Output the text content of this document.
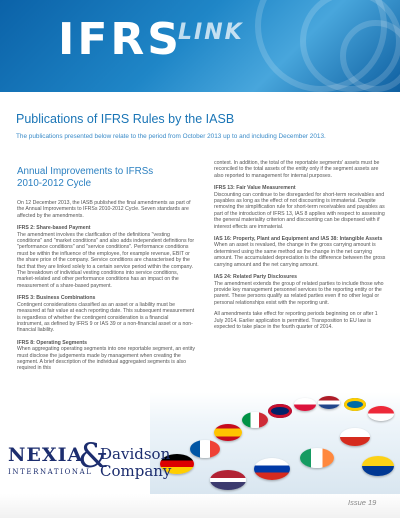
IFRS
LINK
Publications of IFRS Rules by the IASB
The publications presented below relate to the period from October 2013 up to and including December 2013.
Annual Improvements to IFRSs 2010-2012 Cycle

On 12 December 2013, the IASB published the final amendments as part of the Annual Improvements to IFRSs 2010-2012 Cycle. Seven standards are affected by the amendments.

IFRS 2: Share-based Payment

The amendment involves the clarification of the definitions "vesting conditions" and "market conditions" and also adds independent definitions for "performance conditions" and "service conditions". Performance conditions must be within the influence of the employee, for example revenue, EBIT or the share price of the company. Service conditions are characterised by the fact that they are linked solely to a certain service period within the company. The breakdown of individual vesting conditions into service conditions, market-related and other performance conditions has an impact on the measurement of a share-based payment.

IFRS 3: Business Combinations

Contingent considerations classified as an asset or a liability must be measured at fair value at each reporting date. This subsequent measurement is regardless of whether the contingent consideration is a financial instrument, as defined by IFRS 9 or IAS 39 or a non-financial asset or a non-financial liability.

IFRS 8: Operating Segments

When aggregating operating segments into one reportable segment, an entity must disclose the judgements made by management when creating the segment. A brief description of the individual aggregated segments is also required in this

context. In addition, the total of the reportable segments' assets must be reconciled to the total assets of the entity only if the segment assets are also reported to management for internal purposes.

IFRS 13: Fair Value Measurement

Discounting can continue to be disregarded for short-term receivables and payables as long as the effect of not discounting is immaterial. Despite removing the simplification rule for short-term receivables and payables as part of the introduction of IFRS 13, IAS 8 applies with respect to assessing the general materiality criterion and discounting can be dispensed with if interest effects are immaterial.

IAS 16: Property, Plant and Equipment and IAS 38: Intangible Assets

When an asset is revalued, the change in the gross carrying amount is determined using the same method as the change in the net carrying amount. The accumulated depreciation is the difference between the gross carrying amount and the net carrying amount.

IAS 24: Related Party Disclosures

The amendment extends the group of related parties to include those who provide key management personnel services to the reporting entity or the parent. These persons qualify as related parties even if no other legal or personal relationships exist with the reporting unit.

All amendments take effect for reporting periods beginning on or after 1 July 2014. Earlier application is permitted. Transposition to EU law is expected to take place in the fourth quarter of 2014.

NEXIA
INTERNATIONAL
&
Davidson
Company
Issue 19
